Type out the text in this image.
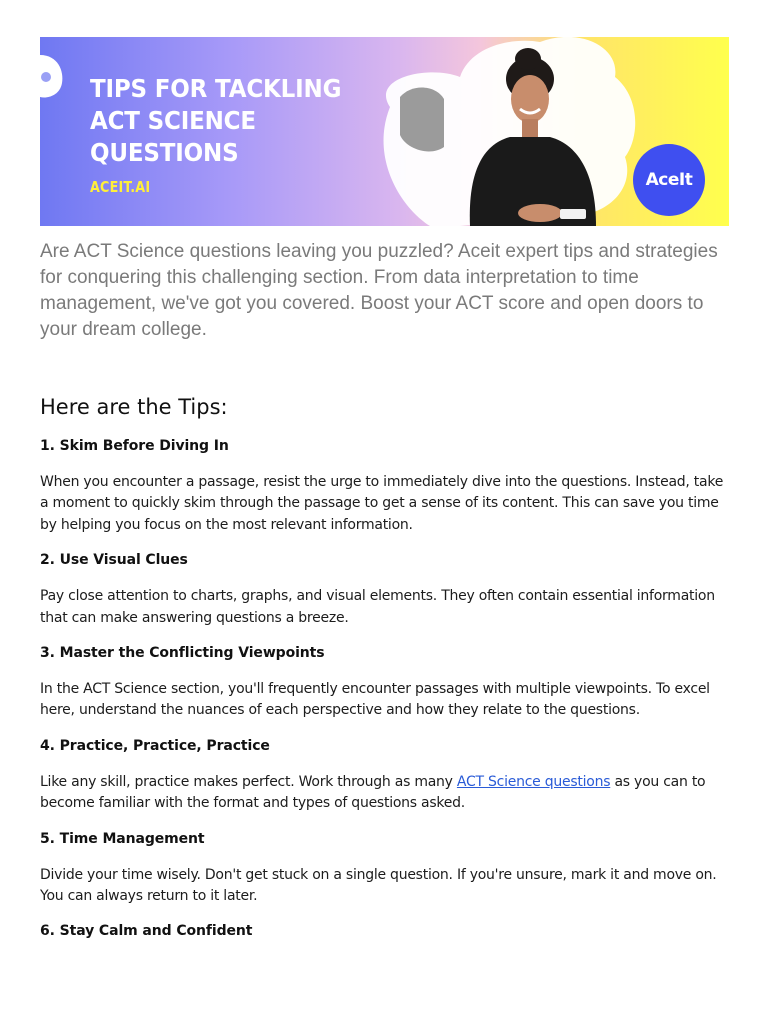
TIPS FOR TACKLING ACT SCIENCE QUESTIONS
ACEIT.AI	AceIt

Are ACT Science questions leaving you puzzled? Aceit expert tips and strategies for conquering this challenging section. From data interpretation to time management, we've got you covered. Boost your ACT score and open doors to your dream college.

Here are the Tips:
1. Skim Before Diving In

When you encounter a passage, resist the urge to immediately dive into the questions. Instead, take a moment to quickly skim through the passage to get a sense of its content. This can save you time by helping you focus on the most relevant information.

2. Use Visual Clues

Pay close attention to charts, graphs, and visual elements. They often contain essential information that can make answering questions a breeze.

3. Master the Conflicting Viewpoints

In the ACT Science section, you'll frequently encounter passages with multiple viewpoints. To excel here, understand the nuances of each perspective and how they relate to the questions.

4. Practice, Practice, Practice

Like any skill, practice makes perfect. Work through as many ACT Science questions as you can to become familiar with the format and types of questions asked.

5. Time Management

Divide your time wisely. Don't get stuck on a single question. If you're unsure, mark it and move on. You can always return to it later.

6. Stay Calm and Confident
